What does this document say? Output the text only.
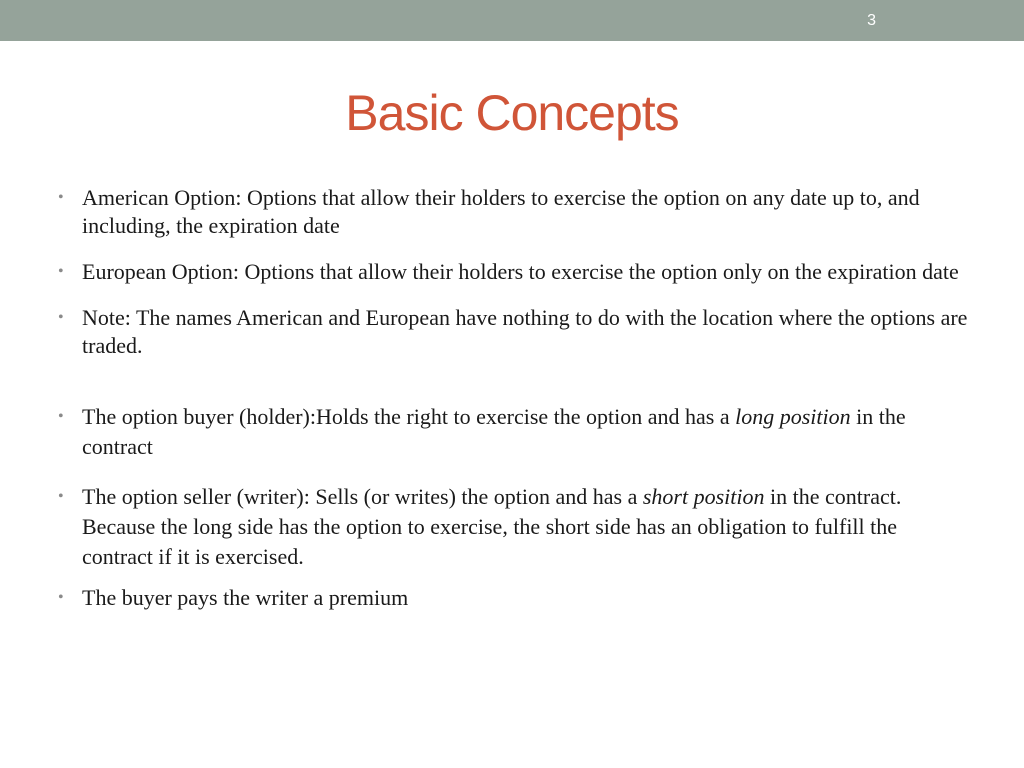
3
Basic Concepts
• American Option: Options that allow their holders to exercise the option on any date up to, and including, the expiration date
• European Option: Options that allow their holders to exercise the option only on the expiration date
• Note: The names American and European have nothing to do with the location where the options are traded.
• The option buyer (holder):Holds the right to exercise the option and has a long position in the contract
• The option seller (writer): Sells (or writes) the option and has a short position in the contract. Because the long side has the option to exercise, the short side has an obligation to fulfill the contract if it is exercised.
• The buyer pays the writer a premium
